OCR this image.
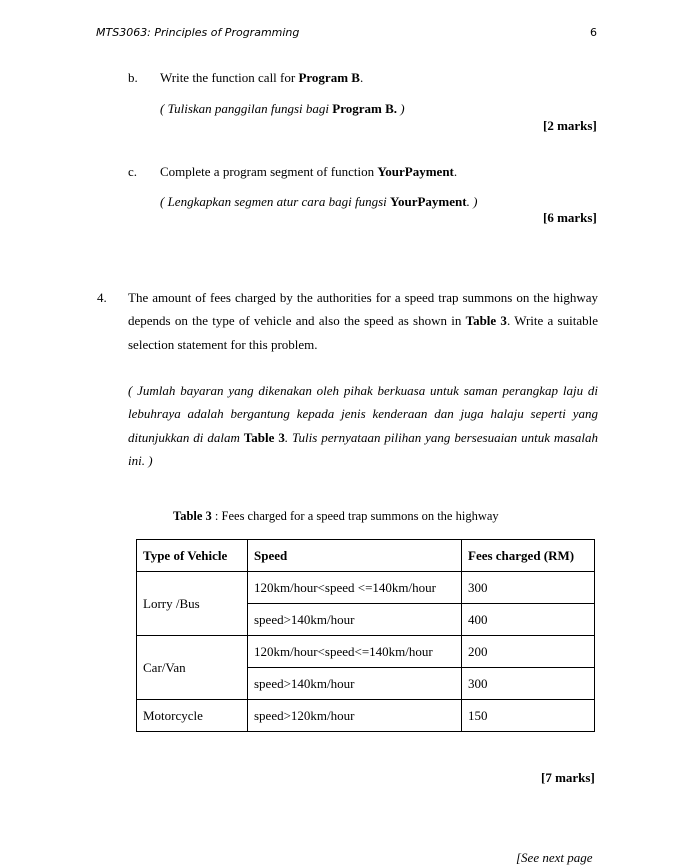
MTS3063: Principles of Programming	6
b. Write the function call for Program B.
( Tuliskan panggilan fungsi bagi Program B. )
[2 marks]
c. Complete a program segment of function YourPayment.
( Lengkapkan segmen atur cara bagi fungsi YourPayment. )
[6 marks]
4. The amount of fees charged by the authorities for a speed trap summons on the highway depends on the type of vehicle and also the speed as shown in Table 3. Write a suitable selection statement for this problem.
( Jumlah bayaran yang dikenakan oleh pihak berkuasa untuk saman perangkap laju di lebuhraya adalah bergantung kepada jenis kenderaan dan juga halaju seperti yang ditunjukkan di dalam Table 3. Tulis pernyataan pilihan yang bersesuaian untuk masalah ini. )
Table 3 : Fees charged for a speed trap summons on the highway
Type of Vehicle	Speed	Fees charged (RM)
Lorry /Bus	120km/hour<speed <=140km/hour	300
	speed>140km/hour	400
Car/Van	120km/hour<speed<=140km/hour	200
	speed>140km/hour	300
Motorcycle	speed>120km/hour	150
[7 marks]
[See next page
